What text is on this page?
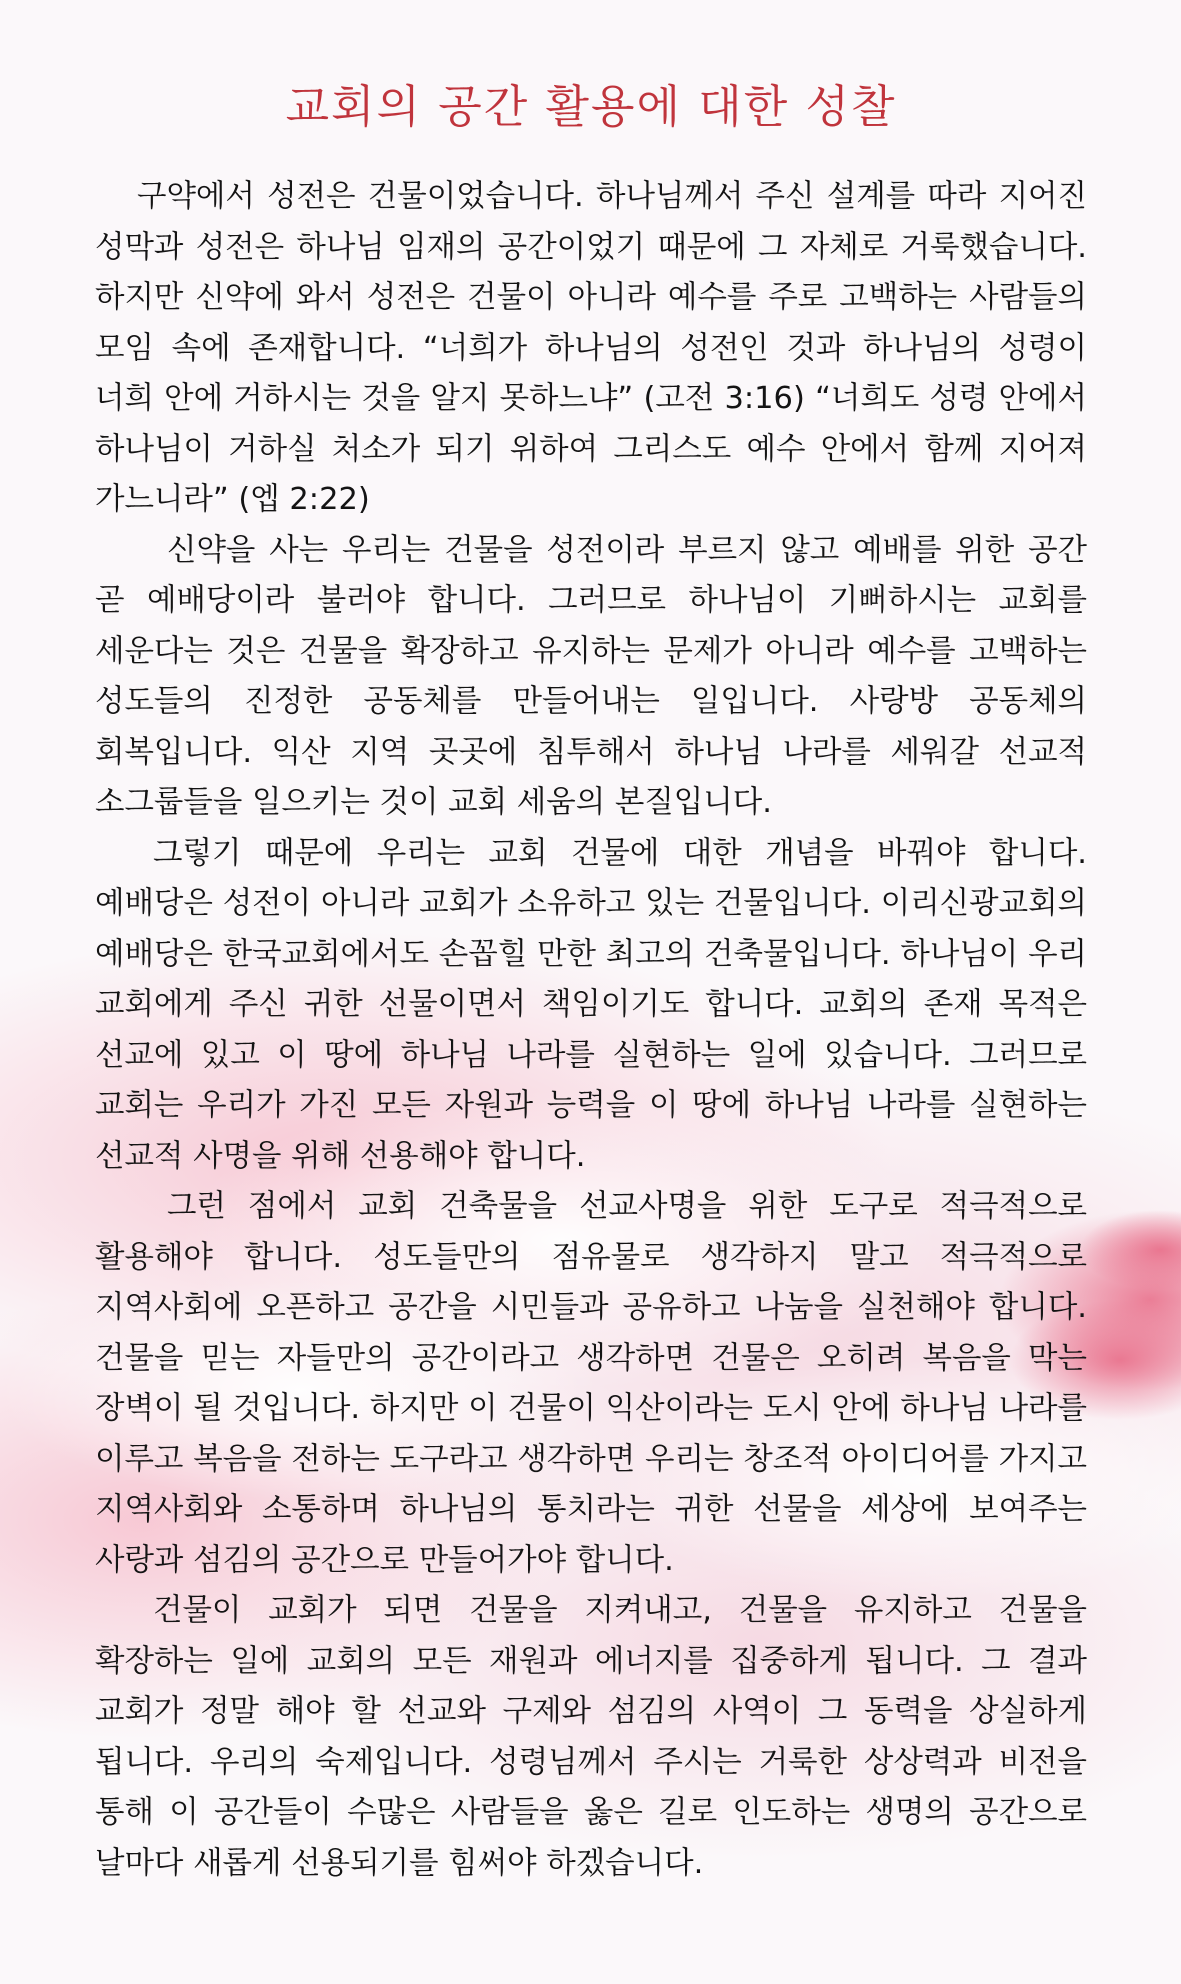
교회의 공간 활용에 대한 성찰

구약에서 성전은 건물이었습니다. 하나님께서 주신 설계를 따라 지어진 성막과 성전은 하나님 임재의 공간이었기 때문에 그 자체로 거룩했습니다. 하지만 신약에 와서 성전은 건물이 아니라 예수를 주로 고백하는 사람들의 모임 속에 존재합니다. “너희가 하나님의 성전인 것과 하나님의 성령이 너희 안에 거하시는 것을 알지 못하느냐” (고전 3:16) “너희도 성령 안에서 하나님이 거하실 처소가 되기 위하여 그리스도 예수 안에서 함께 지어져 가느니라” (엡 2:22)

신약을 사는 우리는 건물을 성전이라 부르지 않고 예배를 위한 공간 곧 예배당이라 불러야 합니다. 그러므로 하나님이 기뻐하시는 교회를 세운다는 것은 건물을 확장하고 유지하는 문제가 아니라 예수를 고백하는 성도들의 진정한 공동체를 만들어내는 일입니다. 사랑방 공동체의 회복입니다. 익산 지역 곳곳에 침투해서 하나님 나라를 세워갈 선교적 소그룹들을 일으키는 것이 교회 세움의 본질입니다.

그렇기 때문에 우리는 교회 건물에 대한 개념을 바꿔야 합니다. 예배당은 성전이 아니라 교회가 소유하고 있는 건물입니다. 이리신광교회의 예배당은 한국교회에서도 손꼽힐 만한 최고의 건축물입니다. 하나님이 우리 교회에게 주신 귀한 선물이면서 책임이기도 합니다. 교회의 존재 목적은 선교에 있고 이 땅에 하나님 나라를 실현하는 일에 있습니다. 그러므로 교회는 우리가 가진 모든 자원과 능력을 이 땅에 하나님 나라를 실현하는 선교적 사명을 위해 선용해야 합니다.

그런 점에서 교회 건축물을 선교사명을 위한 도구로 적극적으로 활용해야 합니다. 성도들만의 점유물로 생각하지 말고 적극적으로 지역사회에 오픈하고 공간을 시민들과 공유하고 나눔을 실천해야 합니다. 건물을 믿는 자들만의 공간이라고 생각하면 건물은 오히려 복음을 막는 장벽이 될 것입니다. 하지만 이 건물이 익산이라는 도시 안에 하나님 나라를 이루고 복음을 전하는 도구라고 생각하면 우리는 창조적 아이디어를 가지고 지역사회와 소통하며 하나님의 통치라는 귀한 선물을 세상에 보여주는 사랑과 섬김의 공간으로 만들어가야 합니다.

건물이 교회가 되면 건물을 지켜내고, 건물을 유지하고 건물을 확장하는 일에 교회의 모든 재원과 에너지를 집중하게 됩니다. 그 결과 교회가 정말 해야 할 선교와 구제와 섬김의 사역이 그 동력을 상실하게 됩니다. 우리의 숙제입니다. 성령님께서 주시는 거룩한 상상력과 비전을 통해 이 공간들이 수많은 사람들을 옳은 길로 인도하는 생명의 공간으로 날마다 새롭게 선용되기를 힘써야 하겠습니다.
